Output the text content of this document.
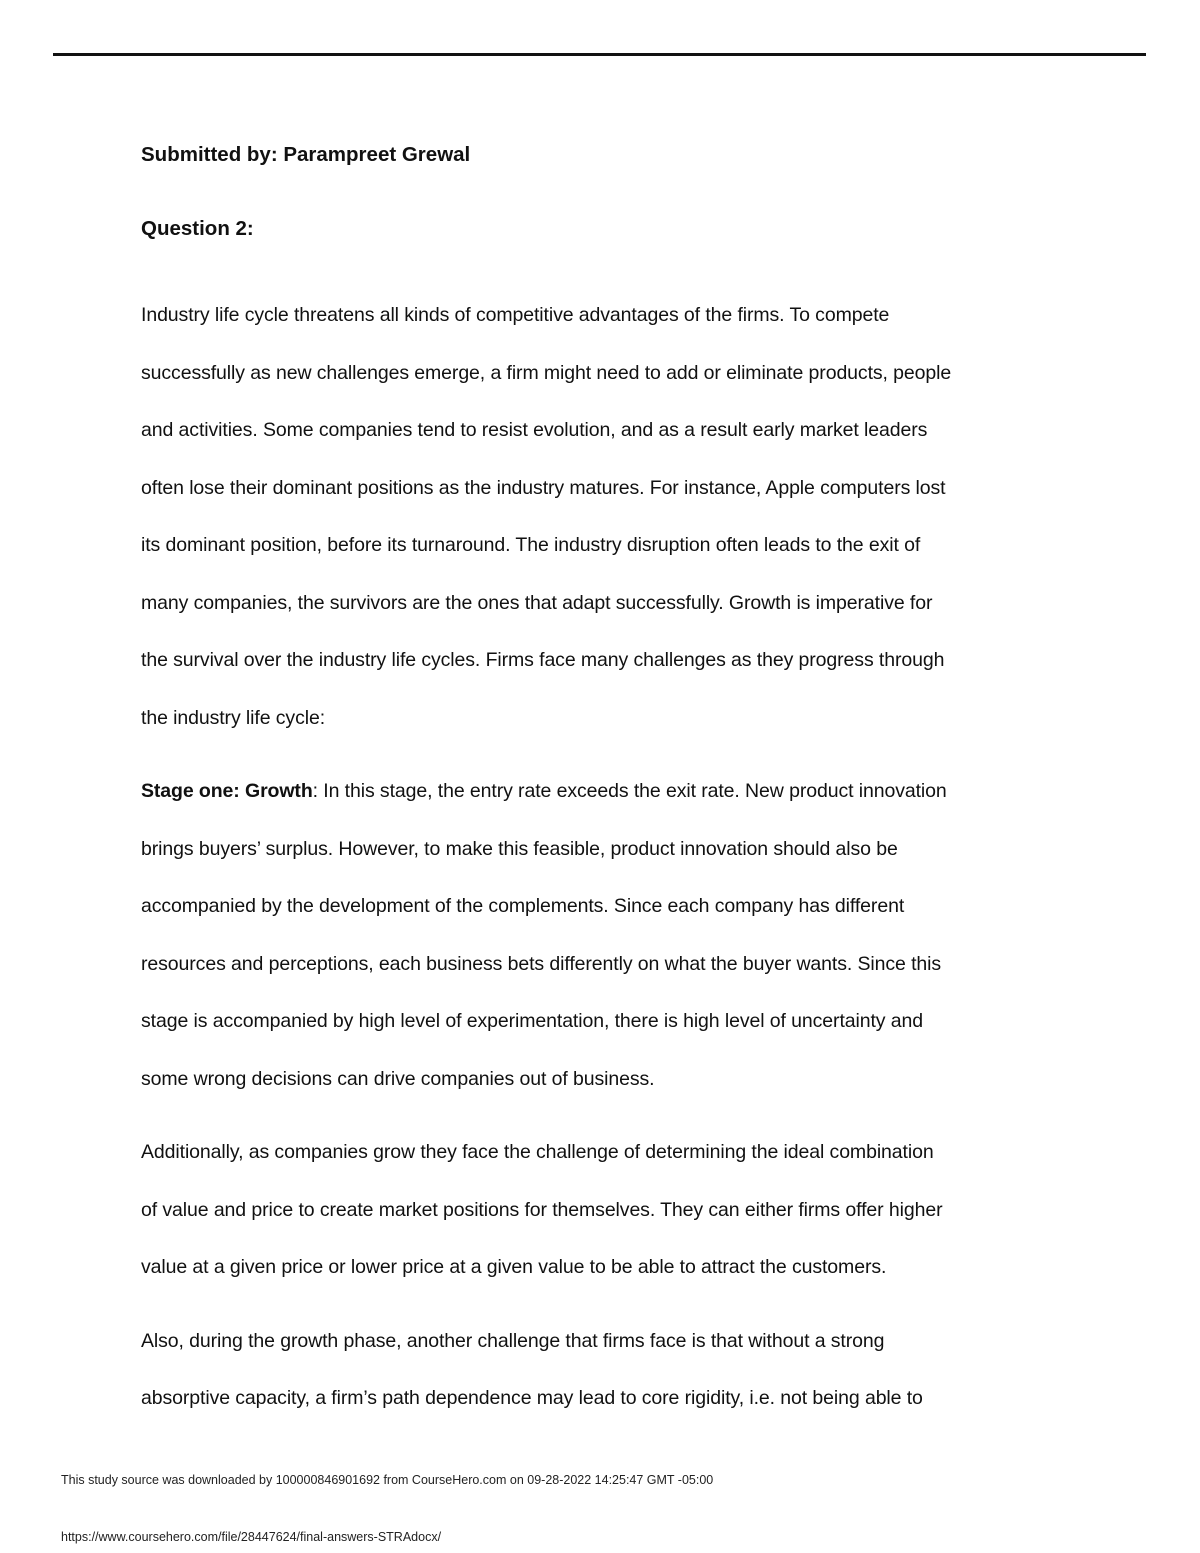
Submitted by: Parampreet Grewal

Question 2:

Industry life cycle threatens all kinds of competitive advantages of the firms. To compete
successfully as new challenges emerge, a firm might need to add or eliminate products, people
and activities. Some companies tend to resist evolution, and as a result early market leaders
often lose their dominant positions as the industry matures. For instance, Apple computers lost
its dominant position, before its turnaround. The industry disruption often leads to the exit of
many companies, the survivors are the ones that adapt successfully. Growth is imperative for
the survival over the industry life cycles. Firms face many challenges as they progress through
the industry life cycle:

Stage one: Growth: In this stage, the entry rate exceeds the exit rate. New product innovation
brings buyers’ surplus. However, to make this feasible, product innovation should also be
accompanied by the development of the complements. Since each company has different
resources and perceptions, each business bets differently on what the buyer wants. Since this
stage is accompanied by high level of experimentation, there is high level of uncertainty and
some wrong decisions can drive companies out of business.

Additionally, as companies grow they face the challenge of determining the ideal combination
of value and price to create market positions for themselves. They can either firms offer higher
value at a given price or lower price at a given value to be able to attract the customers.

Also, during the growth phase, another challenge that firms face is that without a strong
absorptive capacity, a firm’s path dependence may lead to core rigidity, i.e. not being able to

This study source was downloaded by 100000846901692 from CourseHero.com on 09-28-2022 14:25:47 GMT -05:00
https://www.coursehero.com/file/28447624/final-answers-STRAdocx/
